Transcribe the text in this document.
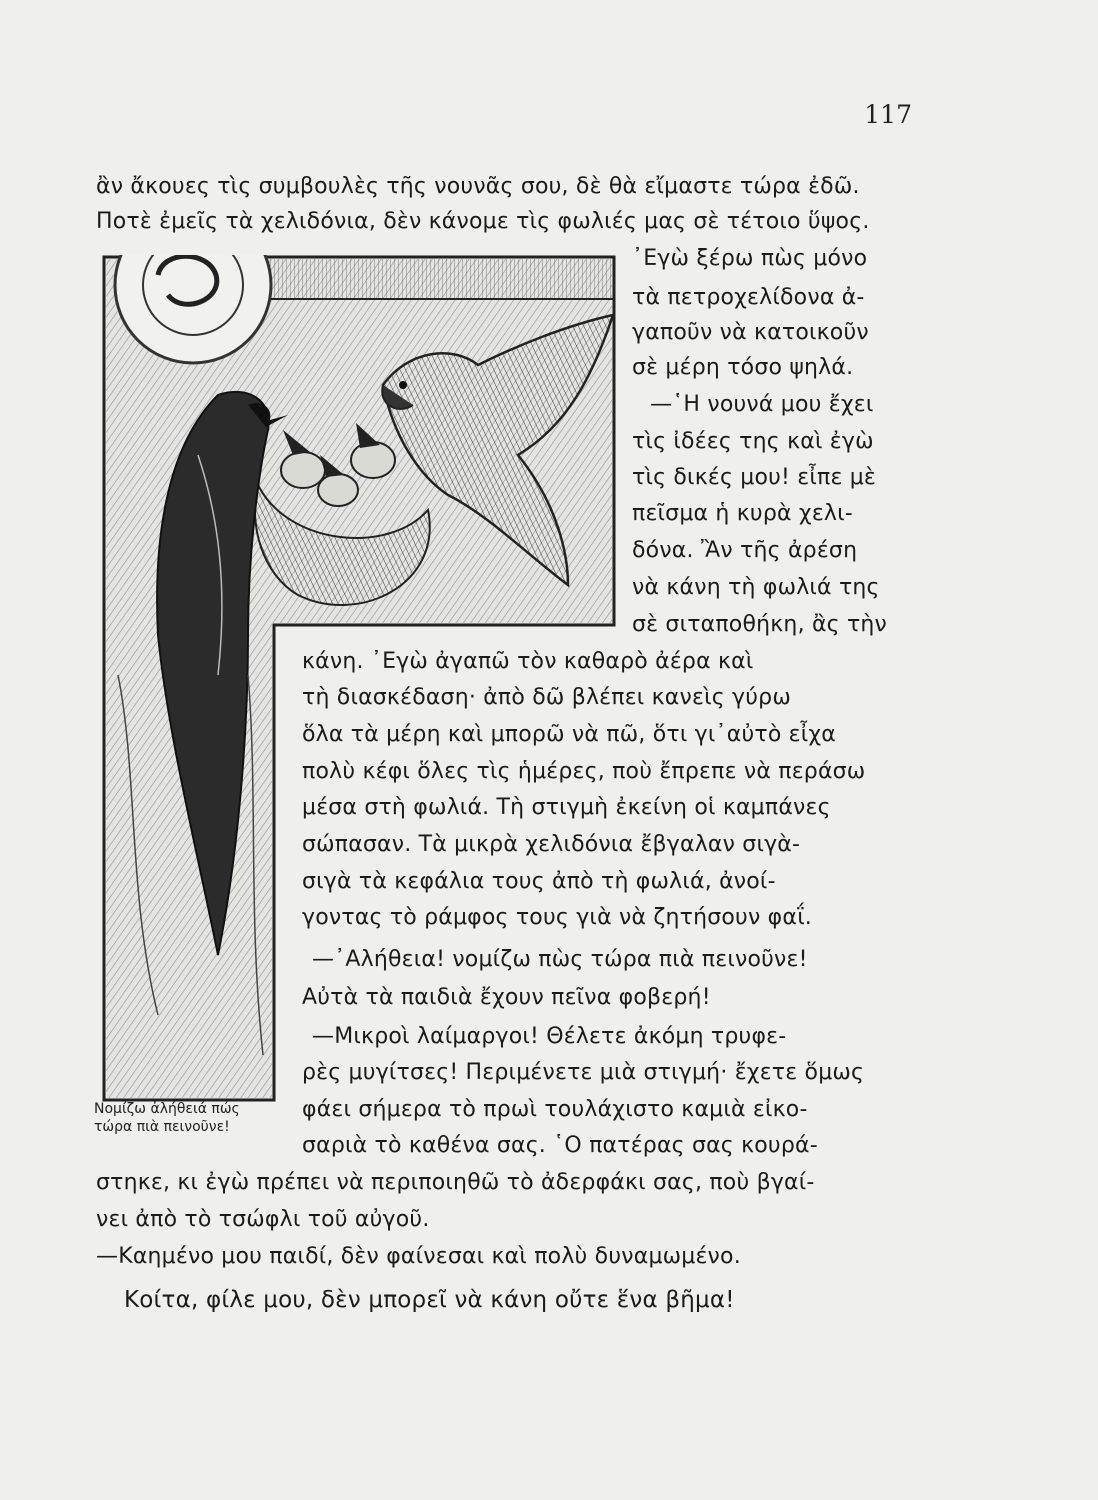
117
Νομίζω ἀλήθειά πώς
τώρα πιὰ πεινοῦνε!
ἂν ἄκουες τὶς συμβουλὲς τῆς νουνᾶς σου, δὲ θὰ εἴμαστε τώρα ἐδῶ.
Ποτὲ ἐμεῖς τὰ χελιδόνια, δὲν κάνομε τὶς φωλιές μας σὲ τέτοιο ὕψος.
᾿Εγὼ ξέρω πὼς μόνο
τὰ πετροχελίδονα ἀ-
γαποῦν νὰ κατοικοῦν
σὲ μέρη τόσο ψηλά.
—῾Η νουνά μου ἔχει
τὶς ἰδέες της καὶ ἐγὼ
τὶς δικές μου! εἶπε μὲ
πεῖσμα ἡ κυρὰ χελι-
δόνα. Ἂν τῆς ἀρέση
νὰ κάνη τὴ φωλιά της
σὲ σιταποθήκη, ἂς τὴν
κάνη. ᾿Εγὼ ἀγαπῶ τὸν καθαρὸ ἀέρα καὶ
τὴ διασκέδαση· ἀπὸ δῶ βλέπει κανεὶς γύρω
ὅλα τὰ μέρη καὶ μπορῶ νὰ πῶ, ὅτι γι᾿αὐτὸ εἶχα
πολὺ κέφι ὅλες τὶς ἡμέρες, ποὺ ἔπρεπε νὰ περάσω
μέσα στὴ φωλιά. Τὴ στιγμὴ ἐκείνη οἱ καμπάνες
σώπασαν. Τὰ μικρὰ χελιδόνια ἔβγαλαν σιγὰ-
σιγὰ τὰ κεφάλια τους ἀπὸ τὴ φωλιά, ἀνοί-
γοντας τὸ ράμφος τους γιὰ νὰ ζητήσουν φαΐ.
—᾿Αλήθεια! νομίζω πὼς τώρα πιὰ πεινοῦνε!
Αὐτὰ τὰ παιδιὰ ἔχουν πεῖνα φοβερή!
—Μικροὶ λαίμαργοι! Θέλετε ἀκόμη τρυφε-
ρὲς μυγίτσες! Περιμένετε μιὰ στιγμή· ἔχετε ὅμως
φάει σήμερα τὸ πρωὶ τουλάχιστο καμιὰ εἰκο-
σαριὰ τὸ καθένα σας. ῾Ο πατέρας σας κουρά-
στηκε, κι ἐγὼ πρέπει νὰ περιποιηθῶ τὸ ἀδερφάκι σας, ποὺ βγαί-
νει ἀπὸ τὸ τσώφλι τοῦ αὐγοῦ.
—Καημένο μου παιδί, δὲν φαίνεσαι καὶ πολὺ δυναμωμένο.
Κοίτα, φίλε μου, δὲν μπορεῖ νὰ κάνη οὔτε ἕνα βῆμα!
